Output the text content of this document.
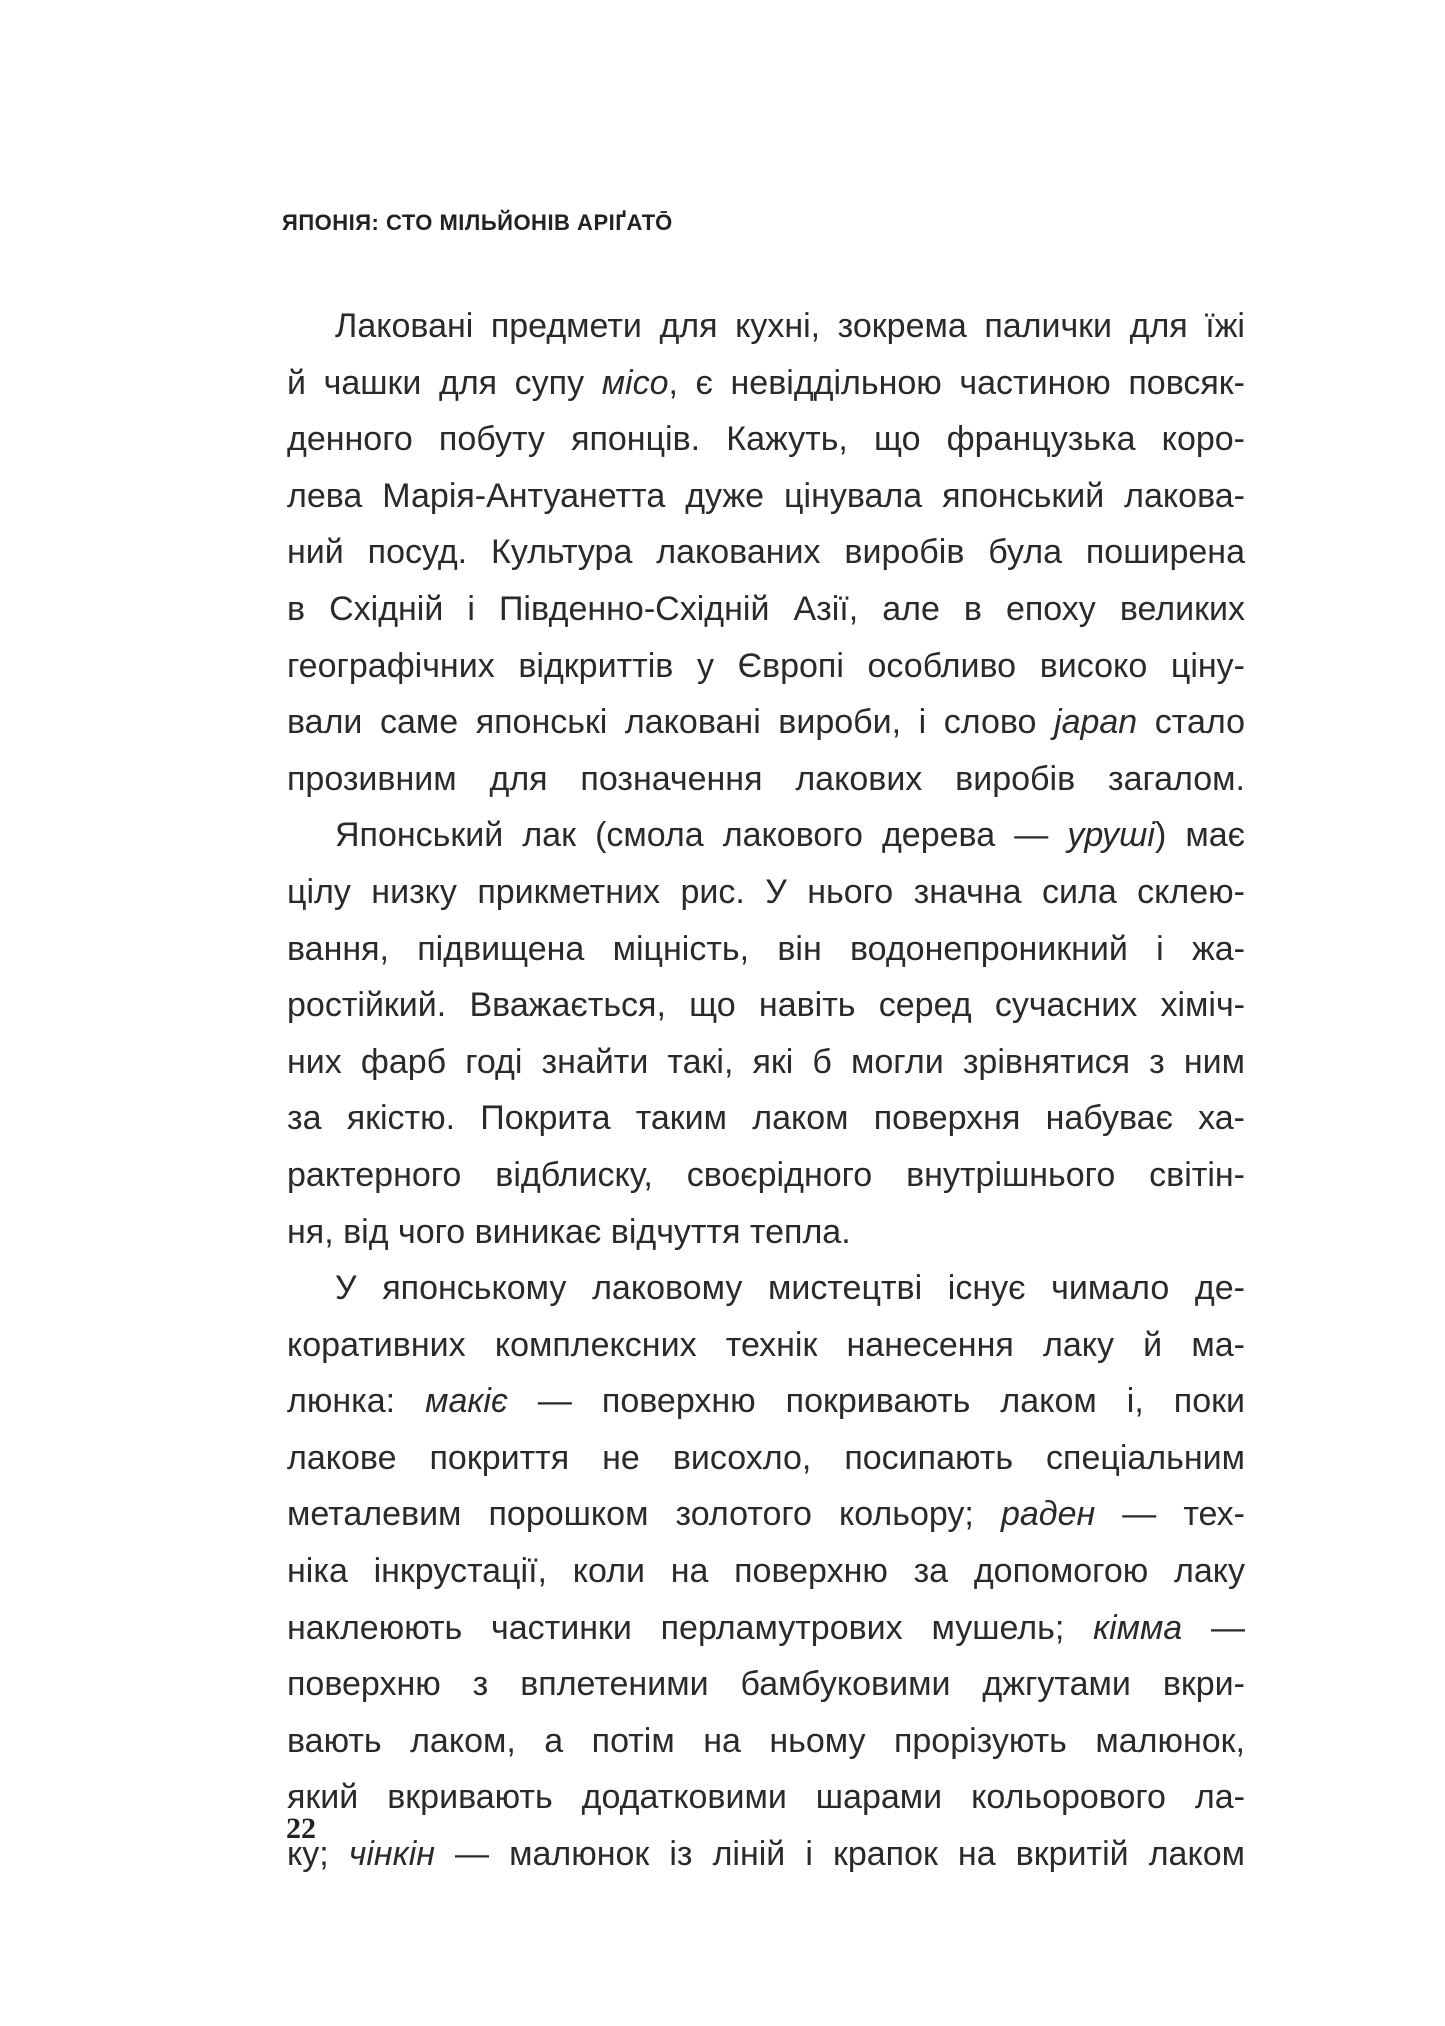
ЯПОНІЯ: СТО МІЛЬЙОНІВ АРІҐАТО̄
Лаковані предмети для кухні, зокрема палички для їжі
й чашки для супу місо, є невіддільною частиною повсяк-
денного побуту японців. Кажуть, що французька коро-
лева Марія-Антуанетта дуже цінувала японський лакова-
ний посуд. Культура лакованих виробів була поширена
в Східній і Південно-Східній Азії, але в епоху великих
географічних відкриттів у Європі особливо високо ціну-
вали саме японські лаковані вироби, і слово japan стало
прозивним для позначення лакових виробів загалом.
Японський лак (смола лакового дерева — уруші) має
цілу низку прикметних рис. У нього значна сила склею-
вання, підвищена міцність, він водонепроникний і жа-
ростійкий. Вважається, що навіть серед сучасних хіміч-
них фарб годі знайти такі, які б могли зрівнятися з ним
за якістю. Покрита таким лаком поверхня набуває ха-
рактерного відблиску, своєрідного внутрішнього світін-
ня, від чого виникає відчуття тепла.
У японському лаковому мистецтві існує чимало де-
коративних комплексних технік нанесення лаку й ма-
люнка: макіє — поверхню покривають лаком і, поки
лакове покриття не висохло, посипають спеціальним
металевим порошком золотого кольору; раден — тех-
ніка інкрустації, коли на поверхню за допомогою лаку
наклеюють частинки перламутрових мушель; кімма —
поверхню з вплетеними бамбуковими джгутами вкри-
вають лаком, а потім на ньому прорізують малюнок,
який вкривають додатковими шарами кольорового ла-
ку; чінкін — малюнок із ліній і крапок на вкритій лаком
22
